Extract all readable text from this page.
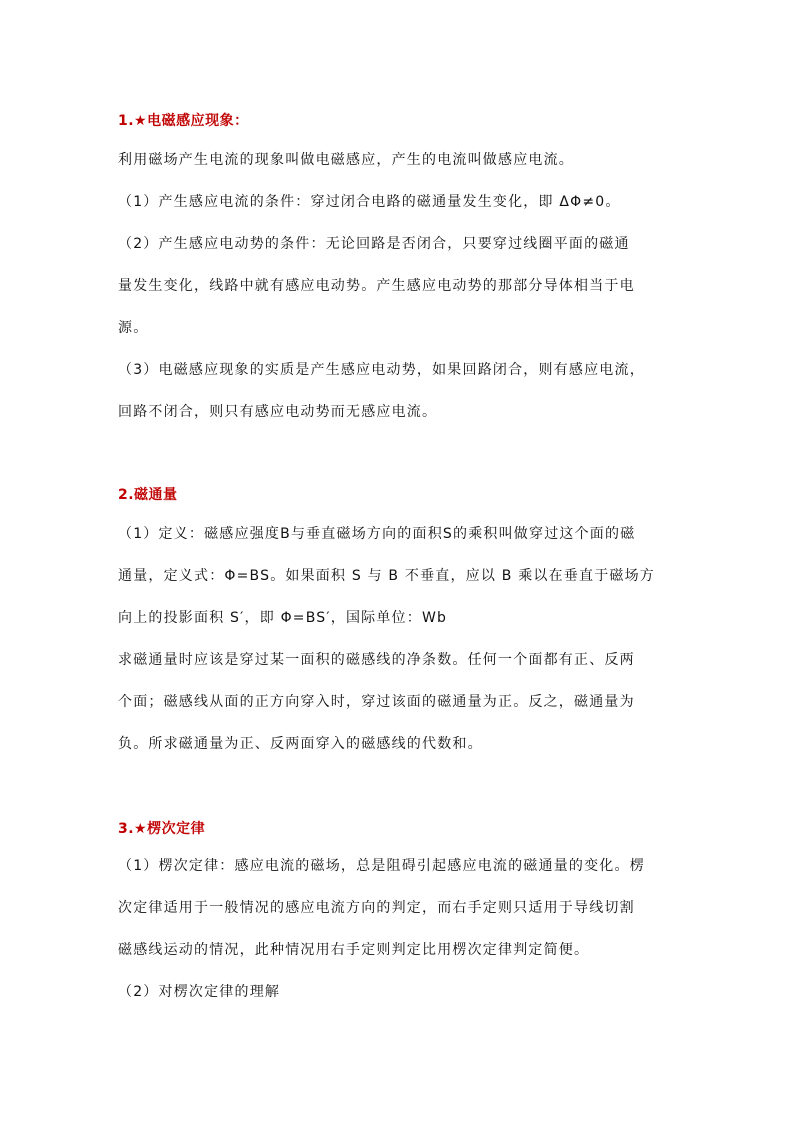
1.★电磁感应现象：
利用磁场产生电流的现象叫做电磁感应，产生的电流叫做感应电流。
（1）产生感应电流的条件：穿过闭合电路的磁通量发生变化，即 ΔΦ≠0。
（2）产生感应电动势的条件：无论回路是否闭合，只要穿过线圈平面的磁通
量发生变化，线路中就有感应电动势。产生感应电动势的那部分导体相当于电
源。
（3）电磁感应现象的实质是产生感应电动势，如果回路闭合，则有感应电流，
回路不闭合，则只有感应电动势而无感应电流。
2.磁通量
（1）定义：磁感应强度B与垂直磁场方向的面积S的乘积叫做穿过这个面的磁
通量，定义式：Φ=BS。如果面积 S 与 B 不垂直，应以 B 乘以在垂直于磁场方
向上的投影面积 S′，即 Φ=BS′，国际单位：Wb
求磁通量时应该是穿过某一面积的磁感线的净条数。任何一个面都有正、反两
个面；磁感线从面的正方向穿入时，穿过该面的磁通量为正。反之，磁通量为
负。所求磁通量为正、反两面穿入的磁感线的代数和。
3.★楞次定律
（1）楞次定律：感应电流的磁场，总是阻碍引起感应电流的磁通量的变化。楞
次定律适用于一般情况的感应电流方向的判定，而右手定则只适用于导线切割
磁感线运动的情况，此种情况用右手定则判定比用楞次定律判定简便。
（2）对楞次定律的理解
